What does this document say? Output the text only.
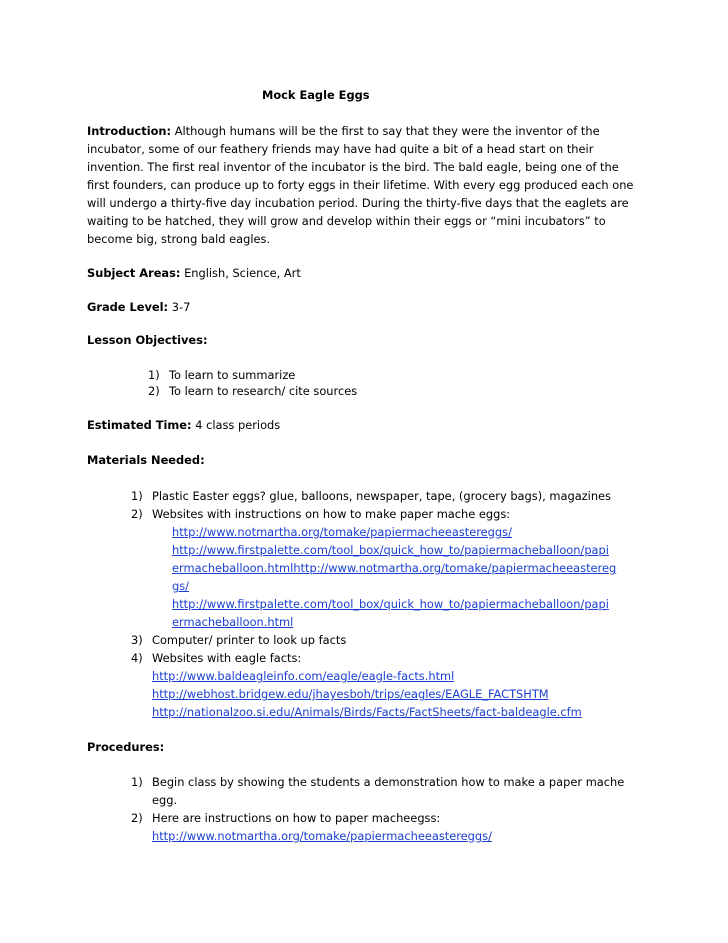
Mock Eagle Eggs
Introduction: Although humans will be the first to say that they were the inventor of the
incubator, some of our feathery friends may have had quite a bit of a head start on their
invention. The first real inventor of the incubator is the bird. The bald eagle, being one of the
first founders, can produce up to forty eggs in their lifetime. With every egg produced each one
will undergo a thirty-five day incubation period. During the thirty-five days that the eaglets are
waiting to be hatched, they will grow and develop within their eggs or “mini incubators” to
become big, strong bald eagles.
Subject Areas: English, Science, Art
Grade Level: 3-7
Lesson Objectives:
1) To learn to summarize
2) To learn to research/ cite sources
Estimated Time: 4 class periods
Materials Needed:
1) Plastic Easter eggs? glue, balloons, newspaper, tape, (grocery bags), magazines
2) Websites with instructions on how to make paper mache eggs:
http://www.notmartha.org/tomake/papiermacheeastereggs/
http://www.firstpalette.com/tool_box/quick_how_to/papiermacheballoon/papi
ermacheballoon.htmlhttp://www.notmartha.org/tomake/papiermacheeastereg
gs/
http://www.firstpalette.com/tool_box/quick_how_to/papiermacheballoon/papi
ermacheballoon.html
3) Computer/ printer to look up facts
4) Websites with eagle facts:
http://www.baldeagleinfo.com/eagle/eagle-facts.html
http://webhost.bridgew.edu/jhayesboh/trips/eagles/EAGLE_FACTSHTM
http://nationalzoo.si.edu/Animals/Birds/Facts/FactSheets/fact-baldeagle.cfm
Procedures:
1) Begin class by showing the students a demonstration how to make a paper mache
egg.
2) Here are instructions on how to paper macheegss:
http://www.notmartha.org/tomake/papiermacheeastereggs/
